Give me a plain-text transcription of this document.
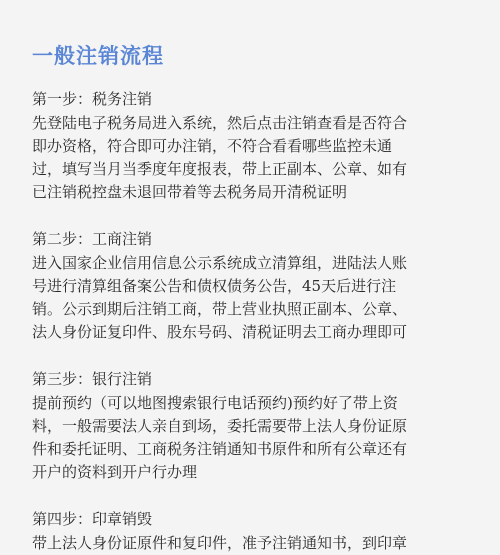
一般注销流程
第一步：税务注销
先登陆电子税务局进入系统，然后点击注销查看是否符合
即办资格，符合即可办注销，不符合看看哪些监控未通
过，填写当月当季度年度报表，带上正副本、公章、如有
已注销税控盘未退回带着等去税务局开清税证明
第二步：工商注销
进入国家企业信用信息公示系统成立清算组，进陆法人账
号进行清算组备案公告和债权债务公告，45天后进行注
销。公示到期后注销工商，带上营业执照正副本、公章、
法人身份证复印件、股东号码、清税证明去工商办理即可
第三步：银行注销
提前预约（可以地图搜索银行电话预约)预约好了带上资
料，一般需要法人亲自到场，委托需要带上法人身份证原
件和委托证明、工商税务注销通知书原件和所有公章还有
开户的资料到开户行办理
第四步：印章销毁
带上法人身份证原件和复印件，准予注销通知书，到印章
